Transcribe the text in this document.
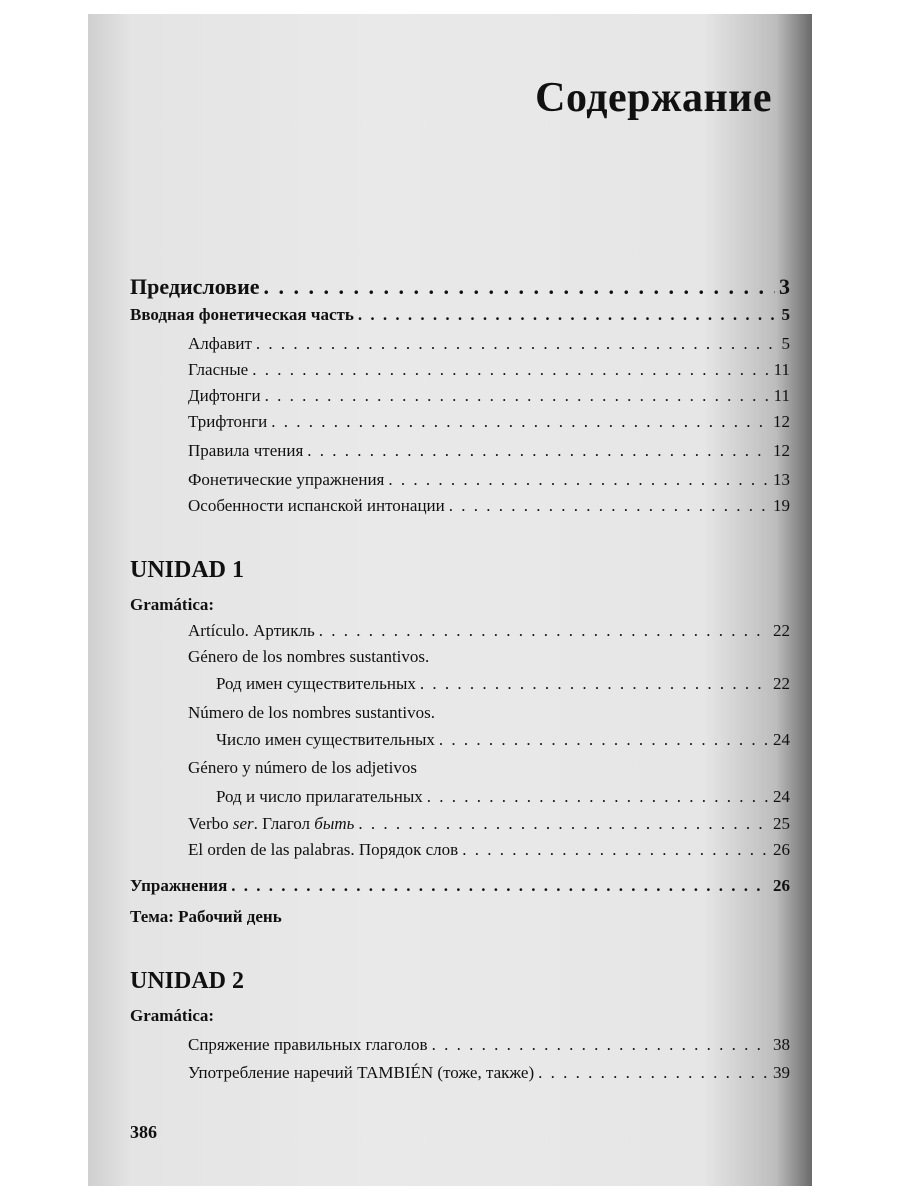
Содержание
Предисловие . . .	3
Вводная фонетическая часть . . .	5
Алфавит . . .	5
Гласные . . .	11
Дифтонги . . .	11
Трифтонги . . .	12
Правила чтения . . .	12
Фонетические упражнения . . .	13
Особенности испанской интонации . . .	19
UNIDAD 1
Gramática:
Artículo. Артикль . . .	22
Género de los nombres sustantivos.
Род имен существительных . . .	22
Número de los nombres sustantivos.
Число имен существительных . . .	24
Género y número de los adjetivos
Род и число прилагательных . . .	24
Verbo ser. Глагол быть . . .	25
El orden de las palabras. Порядок слов . . .	26
Упражнения . . .	26
Тема: Рабочий день
UNIDAD 2
Gramática:
Спряжение правильных глаголов . . .	38
Употребление наречий TAMBIÉN (тоже, также) . . .	39
386
